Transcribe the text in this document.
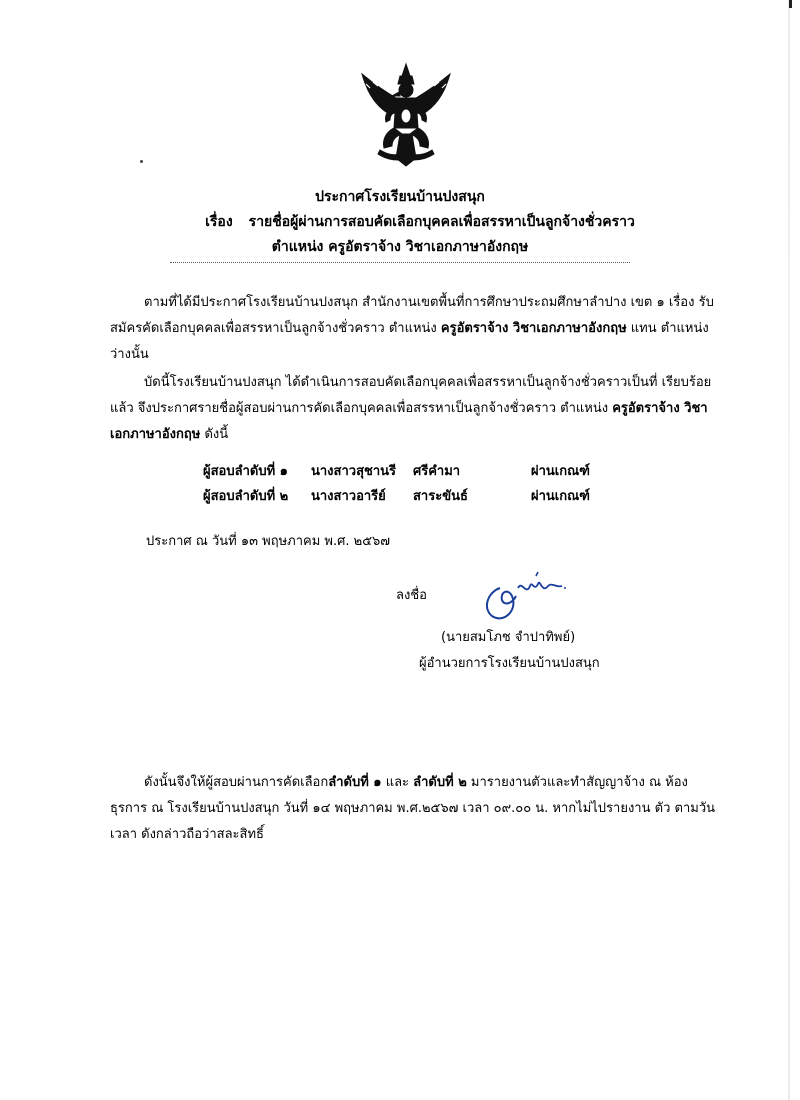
ประกาศโรงเรียนบ้านปงสนุก
เรื่อง รายชื่อผู้ผ่านการสอบคัดเลือกบุคคลเพื่อสรรหาเป็นลูกจ้างชั่วคราว
ตำแหน่ง ครูอัตราจ้าง วิชาเอกภาษาอังกฤษ
ตามที่ได้มีประกาศโรงเรียนบ้านปงสนุก สำนักงานเขตพื้นที่การศึกษาประถมศึกษาลำปาง เขต ๑ เรื่อง รับสมัครคัดเลือกบุคคลเพื่อสรรหาเป็นลูกจ้างชั่วคราว ตำแหน่ง ครูอัตราจ้าง วิชาเอกภาษาอังกฤษ แทน ตำแหน่งว่างนั้น
บัดนี้โรงเรียนบ้านปงสนุก ได้ดำเนินการสอบคัดเลือกบุคคลเพื่อสรรหาเป็นลูกจ้างชั่วคราวเป็นที่ เรียบร้อยแล้ว จึงประกาศรายชื่อผู้สอบผ่านการคัดเลือกบุคคลเพื่อสรรหาเป็นลูกจ้างชั่วคราว ตำแหน่ง ครูอัตราจ้าง วิชาเอกภาษาอังกฤษ ดังนี้
ผู้สอบลำดับที่ ๑ นางสาวสุชานรี ศรีคำมา	ผ่านเกณฑ์
ผู้สอบลำดับที่ ๒ นางสาวอารีย์ สาระขันธ์	ผ่านเกณฑ์
ประกาศ ณ วันที่ ๑๓ พฤษภาคม พ.ศ. ๒๕๖๗
ลงชื่อ
(นายสมโภช จำปาทิพย์)
ผู้อำนวยการโรงเรียนบ้านปงสนุก
ดังนั้นจึงให้ผู้สอบผ่านการคัดเลือกลำดับที่ ๑ และ ลำดับที่ ๒ มารายงานตัวและทำสัญญาจ้าง ณ ห้องธุรการ ณ โรงเรียนบ้านปงสนุก วันที่ ๑๔ พฤษภาคม พ.ศ.๒๕๖๗ เวลา ๐๙.๐๐ น. หากไม่ไปรายงาน ตัว ตามวัน เวลา ดังกล่าวถือว่าสละสิทธิ์
